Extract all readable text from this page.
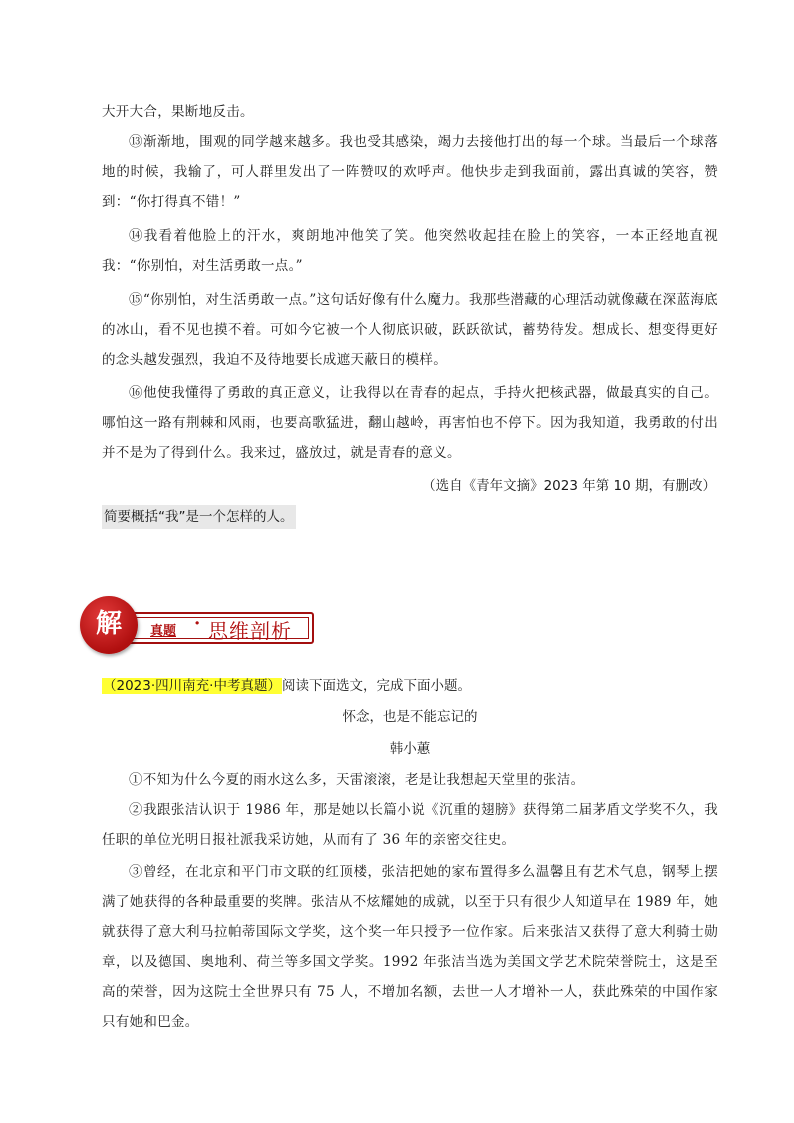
大开大合，果断地反击。

⑬渐渐地，围观的同学越来越多。我也受其感染，竭力去接他打出的每一个球。当最后一个球落地的时候，我输了，可人群里发出了一阵赞叹的欢呼声。他快步走到我面前，露出真诚的笑容，赞到：“你打得真不错！”

⑭我看着他脸上的汗水，爽朗地冲他笑了笑。他突然收起挂在脸上的笑容，一本正经地直视我：“你别怕，对生活勇敢一点。”

⑮“你别怕，对生活勇敢一点。”这句话好像有什么魔力。我那些潜藏的心理活动就像藏在深蓝海底的冰山，看不见也摸不着。可如今它被一个人彻底识破，跃跃欲试，蓄势待发。想成长、想变得更好的念头越发强烈，我迫不及待地要长成遮天蔽日的模样。

⑯他使我懂得了勇敢的真正意义，让我得以在青春的起点，手持火把核武器，做最真实的自己。哪怕这一路有荆棘和风雨，也要高歌猛进，翻山越岭，再害怕也不停下。因为我知道，我勇敢的付出并不是为了得到什么。我来过，盛放过，就是青春的意义。

（选自《青年文摘》2023 年第 10 期，有删改）
简要概括“我”是一个怎样的人。
真题 · 思维剖析
解
（2023·四川南充·中考真题）阅读下面选文，完成下面小题。
怀念，也是不能忘记的
韩小蕙

①不知为什么今夏的雨水这么多，天雷滚滚，老是让我想起天堂里的张洁。

②我跟张洁认识于 1986 年，那是她以长篇小说《沉重的翅膀》获得第二届茅盾文学奖不久，我任职的单位光明日报社派我采访她，从而有了 36 年的亲密交往史。

③曾经，在北京和平门市文联的红顶楼，张洁把她的家布置得多么温馨且有艺术气息，钢琴上摆满了她获得的各种最重要的奖牌。张洁从不炫耀她的成就，以至于只有很少人知道早在 1989 年，她就获得了意大利马拉帕蒂国际文学奖，这个奖一年只授予一位作家。后来张洁又获得了意大利骑士勋章，以及德国、奥地利、荷兰等多国文学奖。1992 年张洁当选为美国文学艺术院荣誉院士，这是至高的荣誉，因为这院士全世界只有 75 人，不增加名额，去世一人才增补一人，获此殊荣的中国作家只有她和巴金。
